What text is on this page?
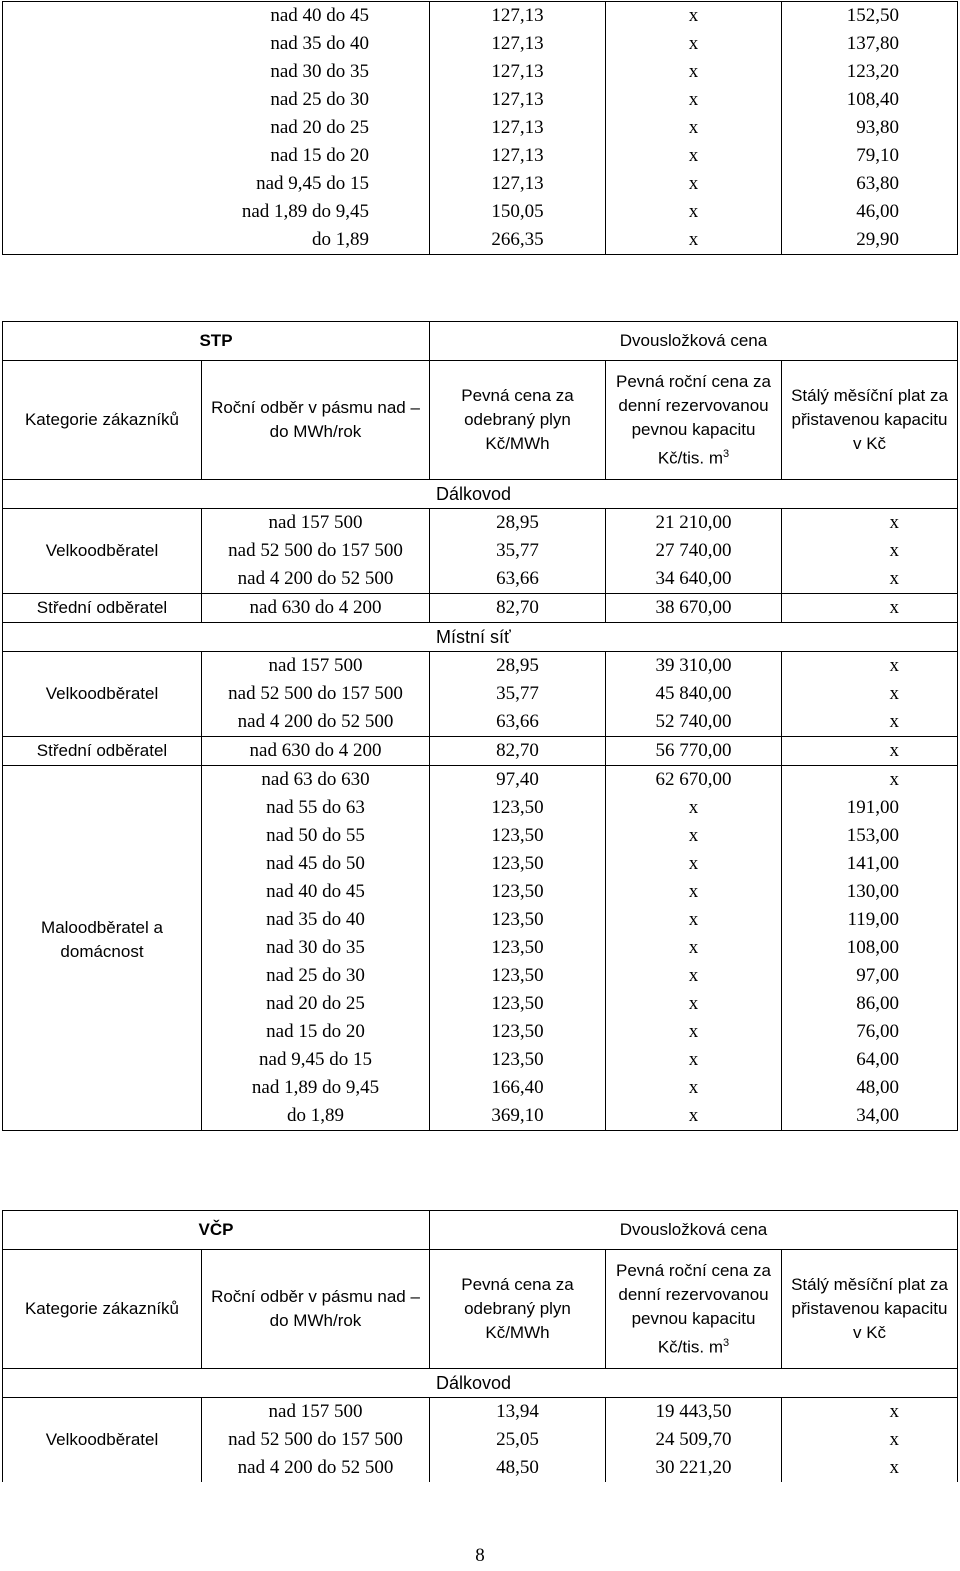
nad 40 do 45	127,13	x	152,50
nad 35 do 40	127,13	x	137,80
nad 30 do 35	127,13	x	123,20
nad 25 do 30	127,13	x	108,40
nad 20 do 25	127,13	x	93,80
nad 15 do 20	127,13	x	79,10
nad 9,45 do 15	127,13	x	63,80
nad 1,89 do 9,45	150,05	x	46,00
do 1,89	266,35	x	29,90
STP		Dvousložková cena		
Kategorie zákazníků	Roční odběr v pásmu nad – do MWh/rok	Pevná cena za odebraný plyn Kč/MWh	Pevná roční cena za denní rezervovanou pevnou kapacitu Kč/tis. $m^3$	Stálý měsíční plat za přistavenou kapacitu v Kč
Dálkovod				
Velkoodběratel	nad 157 500	28,95	21 210,00	x
	nad 52 500 do 157 500	35,77	27 740,00	x
	nad 4 200 do 52 500	63,66	34 640,00	x
Střední odběratel	nad 630 do 4 200	82,70	38 670,00	x
Místní síť				
Velkoodběratel	nad 157 500	28,95	39 310,00	x
	nad 52 500 do 157 500	35,77	45 840,00	x
	nad 4 200 do 52 500	63,66	52 740,00	x
Střední odběratel	nad 630 do 4 200	82,70	56 770,00	x
Maloodběratel a domácnost	nad 63 do 630	97,40	62 670,00	x
	nad 55 do 63	123,50	x	191,00
	nad 50 do 55	123,50	x	153,00
	nad 45 do 50	123,50	x	141,00
	nad 40 do 45	123,50	x	130,00
	nad 35 do 40	123,50	x	119,00
	nad 30 do 35	123,50	x	108,00
	nad 25 do 30	123,50	x	97,00
	nad 20 do 25	123,50	x	86,00
	nad 15 do 20	123,50	x	76,00
	nad 9,45 do 15	123,50	x	64,00
	nad 1,89 do 9,45	166,40	x	48,00
	do 1,89	369,10	x	34,00
VČP		Dvousložková cena		
Kategorie zákazníků	Roční odběr v pásmu nad – do MWh/rok	Pevná cena za odebraný plyn Kč/MWh	Pevná roční cena za denní rezervovanou pevnou kapacitu Kč/tis. $m^3$	Stálý měsíční plat za přistavenou kapacitu v Kč
Dálkovod				
Velkoodběratel	nad 157 500	13,94	19 443,50	x
	nad 52 500 do 157 500	25,05	24 509,70	x
	nad 4 200 do 52 500	48,50	30 221,20	x
8
